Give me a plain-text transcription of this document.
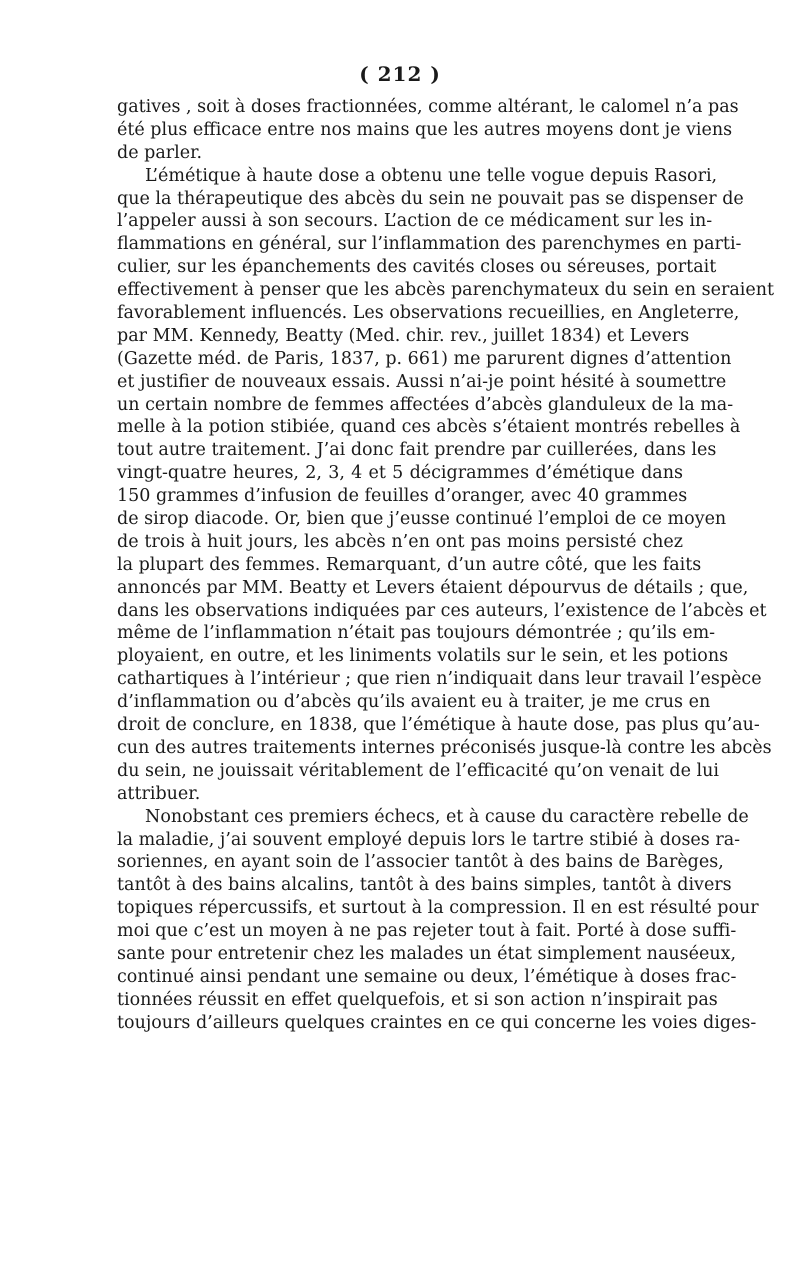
( 212 )
gatives , soit à doses fractionnées, comme altérant, le calomel n’a pas
été plus efficace entre nos mains que les autres moyens dont je viens
de parler.
L’émétique à haute dose a obtenu une telle vogue depuis Rasori,
que la thérapeutique des abcès du sein ne pouvait pas se dispenser de
l’appeler aussi à son secours. L’action de ce médicament sur les in-
flammations en général, sur l’inflammation des parenchymes en parti-
culier, sur les épanchements des cavités closes ou séreuses, portait
effectivement à penser que les abcès parenchymateux du sein en seraient
favorablement influencés. Les observations recueillies, en Angleterre,
par MM. Kennedy, Beatty (Med. chir. rev., juillet 1834) et Levers
(Gazette méd. de Paris, 1837, p. 661) me parurent dignes d’attention
et justifier de nouveaux essais. Aussi n’ai-je point hésité à soumettre
un certain nombre de femmes affectées d’abcès glanduleux de la ma-
melle à la potion stibiée, quand ces abcès s’étaient montrés rebelles à
tout autre traitement. J’ai donc fait prendre par cuillerées, dans les
vingt-quatre heures, 2, 3, 4 et 5 décigrammes d’émétique dans
150 grammes d’infusion de feuilles d’oranger, avec 40 grammes
de sirop diacode. Or, bien que j’eusse continué l’emploi de ce moyen
de trois à huit jours, les abcès n’en ont pas moins persisté chez
la plupart des femmes. Remarquant, d’un autre côté, que les faits
annoncés par MM. Beatty et Levers étaient dépourvus de détails ; que,
dans les observations indiquées par ces auteurs, l’existence de l’abcès et
même de l’inflammation n’était pas toujours démontrée ; qu’ils em-
ployaient, en outre, et les liniments volatils sur le sein, et les potions
cathartiques à l’intérieur ; que rien n’indiquait dans leur travail l’espèce
d’inflammation ou d’abcès qu’ils avaient eu à traiter, je me crus en
droit de conclure, en 1838, que l’émétique à haute dose, pas plus qu’au-
cun des autres traitements internes préconisés jusque-là contre les abcès
du sein, ne jouissait véritablement de l’efficacité qu’on venait de lui
attribuer.
Nonobstant ces premiers échecs, et à cause du caractère rebelle de
la maladie, j’ai souvent employé depuis lors le tartre stibié à doses ra-
soriennes, en ayant soin de l’associer tantôt à des bains de Barèges,
tantôt à des bains alcalins, tantôt à des bains simples, tantôt à divers
topiques répercussifs, et surtout à la compression. Il en est résulté pour
moi que c’est un moyen à ne pas rejeter tout à fait. Porté à dose suffi-
sante pour entretenir chez les malades un état simplement nauséeux,
continué ainsi pendant une semaine ou deux, l’émétique à doses frac-
tionnées réussit en effet quelquefois, et si son action n’inspirait pas
toujours d’ailleurs quelques craintes en ce qui concerne les voies diges-
